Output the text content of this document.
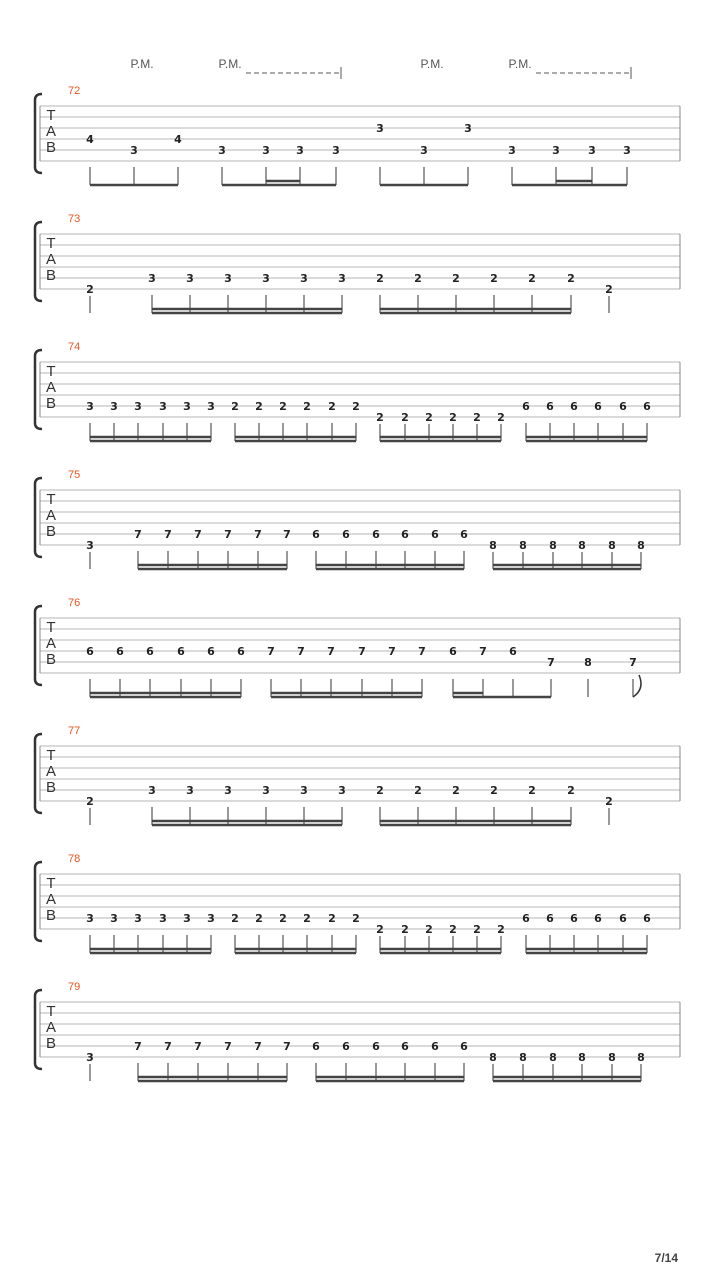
P.M.	P.M.	P.M.	P.M.
T
A
B
72
4
3
4
3	3 3	3
3
3
3
3	3	3 3
T
A
B
73
2
3	3	3	3	3	3	2	2	2	2	2	2
2
T
A
B
74
3 3 3 3 3 3 2 2 2 2 2 2
2 2 2 2 2 2
6 6 6 6 6 6
T
A
B
75
3
7 7 7 7 7 7 6 6 6 6 6 6
8 8 8 8 8 8
T
A
B
76
6 6 6 6 6 6 7 7 7 7 7 7 6 7 6
7	8	7
T
A
B
77
2
3	3	3	3	3	3	2	2	2	2	2	2
2
T
A
B
78
3 3 3 3 3 3 2 2 2 2 2 2
2 2 2 2 2 2
6 6 6 6 6 6
T
A
B
79
3
7 7 7 7 7 7 6 6 6 6 6 6
8 8 8 8 8 8
7/14
